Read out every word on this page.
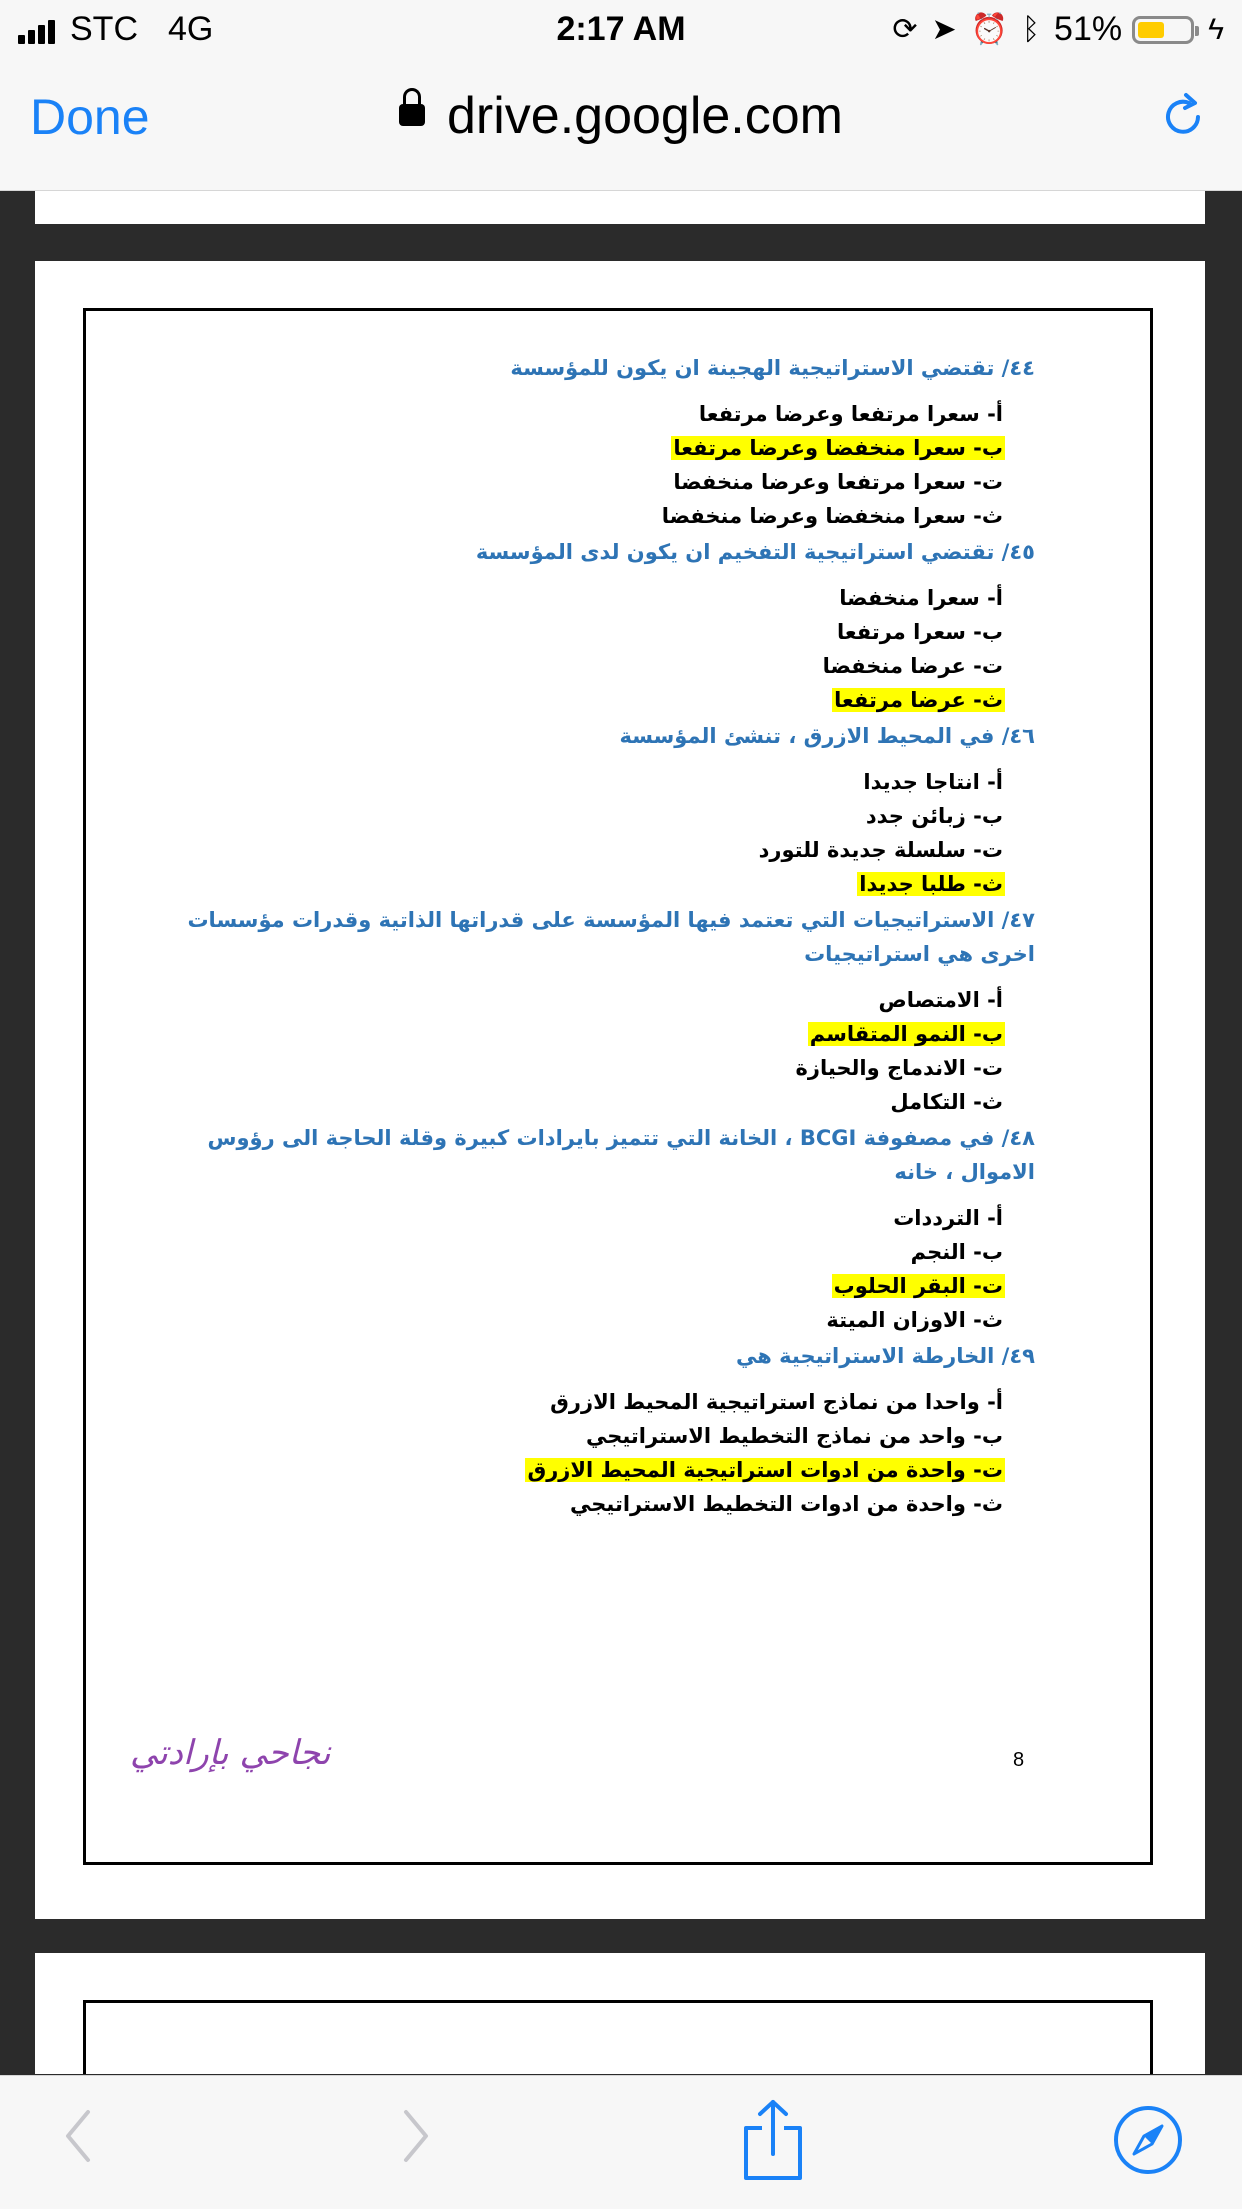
STC 4G	2:17 AM	⟳ ➤ ⏰ ᛒ 51%	ϟ
Done	drive.google.com
٤٤/ تقتضي الاستراتيجية الهجينة ان يكون للمؤسسة
أ- سعرا مرتفعا وعرضا مرتفعا
ب- سعرا منخفضا وعرضا مرتفعا
ت- سعرا مرتفعا وعرضا منخفضا
ث- سعرا منخفضا وعرضا منخفضا
٤٥/ تقتضي استراتيجية التفخيم ان يكون لدى المؤسسة
أ- سعرا منخفضا
ب- سعرا مرتفعا
ت- عرضا منخفضا
ث- عرضا مرتفعا
٤٦/ في المحيط الازرق ، تنشئ المؤسسة
أ- انتاجا جديدا
ب- زبائن جدد
ت- سلسلة جديدة للتورد
ث- طلبا جديدا
٤٧/ الاستراتيجيات التي تعتمد فيها المؤسسة على قدراتها الذاتية وقدرات مؤسسات اخرى هي استراتيجيات
أ- الامتصاص
ب- النمو المتقاسم
ت- الاندماج والحيازة
ث- التكامل
٤٨/ في مصفوفة BCGI ، الخانة التي تتميز بايرادات كبيرة وقلة الحاجة الى رؤوس الاموال ، خانه
أ- الترددات
ب- النجم
ت- البقر الحلوب
ث- الاوزان الميتة
٤٩/ الخارطة الاستراتيجية هي
أ- واحدا من نماذج استراتيجية المحيط الازرق
ب- واحد من نماذج التخطيط الاستراتيجي
ت- واحدة من ادوات استراتيجية المحيط الازرق
ث- واحدة من ادوات التخطيط الاستراتيجي
نجاحي بإرادتي	8
